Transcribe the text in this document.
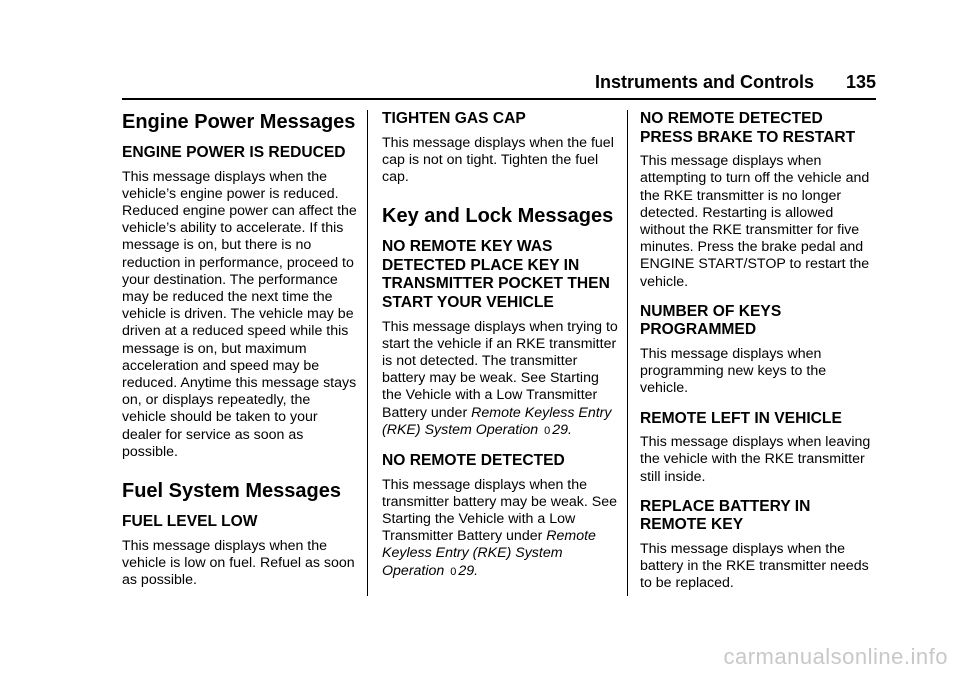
Instruments and Controls 135
Engine Power Messages
ENGINE POWER IS REDUCED

This message displays when the vehicle’s engine power is reduced. Reduced engine power can affect the vehicle’s ability to accelerate. If this message is on, but there is no reduction in performance, proceed to your destination. The performance may be reduced the next time the vehicle is driven. The vehicle may be driven at a reduced speed while this message is on, but maximum acceleration and speed may be reduced. Anytime this message stays on, or displays repeatedly, the vehicle should be taken to your dealer for service as soon as possible.

Fuel System Messages
FUEL LEVEL LOW

This message displays when the vehicle is low on fuel. Refuel as soon as possible.

TIGHTEN GAS CAP

This message displays when the fuel cap is not on tight. Tighten the fuel cap.

Key and Lock Messages
NO REMOTE KEY WAS DETECTED PLACE KEY IN TRANSMITTER POCKET THEN START YOUR VEHICLE

This message displays when trying to start the vehicle if an RKE transmitter is not detected. The transmitter battery may be weak. See Starting the Vehicle with a Low Transmitter Battery under Remote Keyless Entry (RKE) System Operation 0 29.

NO REMOTE DETECTED

This message displays when the transmitter battery may be weak. See Starting the Vehicle with a Low Transmitter Battery under Remote Keyless Entry (RKE) System Operation 0 29.

NO REMOTE DETECTED PRESS BRAKE TO RESTART

This message displays when attempting to turn off the vehicle and the RKE transmitter is no longer detected. Restarting is allowed without the RKE transmitter for five minutes. Press the brake pedal and ENGINE START/STOP to restart the vehicle.

NUMBER OF KEYS PROGRAMMED

This message displays when programming new keys to the vehicle.

REMOTE LEFT IN VEHICLE

This message displays when leaving the vehicle with the RKE transmitter still inside.

REPLACE BATTERY IN REMOTE KEY

This message displays when the battery in the RKE transmitter needs to be replaced.

carmanualsonline.info
